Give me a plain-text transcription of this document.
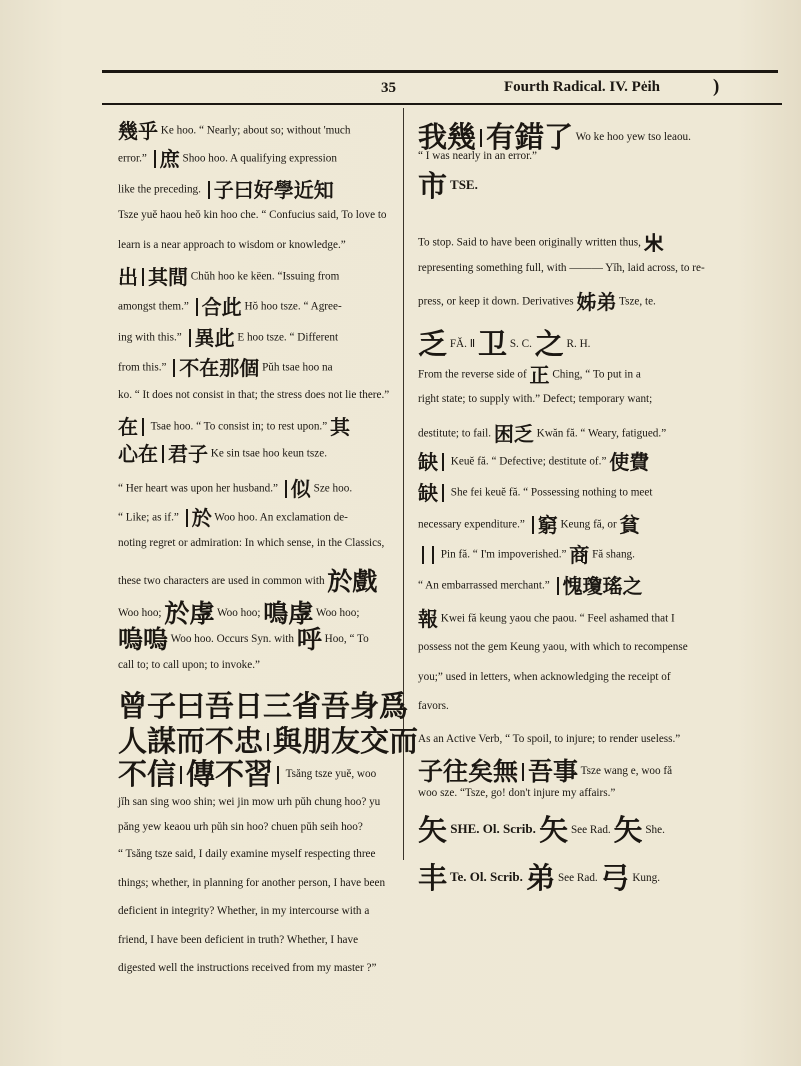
35	Fourth Radical. IV. Pe̍ih	)
幾乎 Ke hoo. “ Nearly; about so; without 'much
error.” 庶 Shoo hoo. A qualifying expression
like the preceding. 子曰好學近知
Tsze yuĕ haou heŏ kin hoo che. “ Confucius said, To love to
learn is a near approach to wisdom or knowledge.”
出 其間 Chŭh hoo ke këen. “Issuing from
amongst them.” 合此 Hŏ hoo tsze. “ Agree-
ing with this.” 異此 E hoo tsze. “ Different
from this.” 不在那個 Pŭh tsae hoo na
ko. “ It does not consist in that; the stress does not lie there.”
在 Tsae hoo. “ To consist in; to rest upon.” 其
心在 君子 Ke sin tsae hoo keun tsze.
“ Her heart was upon her husband.” 似 Sze hoo.
“ Like; as if.” 於 Woo hoo. An exclamation de-
noting regret or admiration: In which sense, in the Classics,
these two characters are used in common with 於戲
Woo hoo; 於虖 Woo hoo; 鳴虖 Woo hoo;
嗚嗚 Woo hoo. Occurs Syn. with 呼 Hoo, “ To
call to; to call upon; to invoke.”
曾子曰吾日三省吾身爲
人謀而不忠 與朋友交而
不信 傳不習 Tsăng tsze yuĕ, woo
jĭh san sing woo shin; wei jin mow urh pŭh chung hoo? yu
păng yew keaou urh pŭh sin hoo? chuen pŭh seih hoo?
“ Tsăng tsze said, I daily examine myself respecting three
things; whether, in planning for another person, I have been
deficient in integrity? Whether, in my intercourse with a
friend, I have been deficient in truth? Whether, I have
digested well the instructions received from my master ?”
我幾 有錯了 Wo ke hoo yew tso leaou.
“ I was nearly in an error.”
市 TSE.
To stop. Said to have been originally written thus, 𣎵
representing something full, with ——— Yĭh, laid across, to re-
press, or keep it down. Derivatives 姊弟 Tsze, te.
乏 FĂ. Ⅱ 卫 S. C. 之 R. H.
From the reverse side of 正 Ching, “ To put in a
right state; to supply with.” Defect; temporary want;
destitute; to fail. 困乏 Kwăn fă. “ Weary, fatigued.”
缺 Keuĕ fă. “ Defective; destitute of.” 使費
缺 She fei keuĕ fă. “ Possessing nothing to meet
necessary expenditure.” 窮 Keung fă, or 貧
Pin fă. “ I'm impoverished.” 商 Fă shang.
“ An embarrassed merchant.” 愧瓊瑤之
報 Kwei fă keung yaou che paou. “ Feel ashamed that I
possess not the gem Keung yaou, with which to recompense
you;” used in letters, when acknowledging the receipt of
favors.
As an Active Verb, “ To spoil, to injure; to render useless.”
子往矣無 吾事 Tsze wang e, woo fă
woo sze. “Tsze, go! don't injure my affairs.”
矢 SHE. Ol. Scrib. 矢 See Rad. 矢 She.
丰 Te. Ol. Scrib. 弟 See Rad. 弓 Kung.
